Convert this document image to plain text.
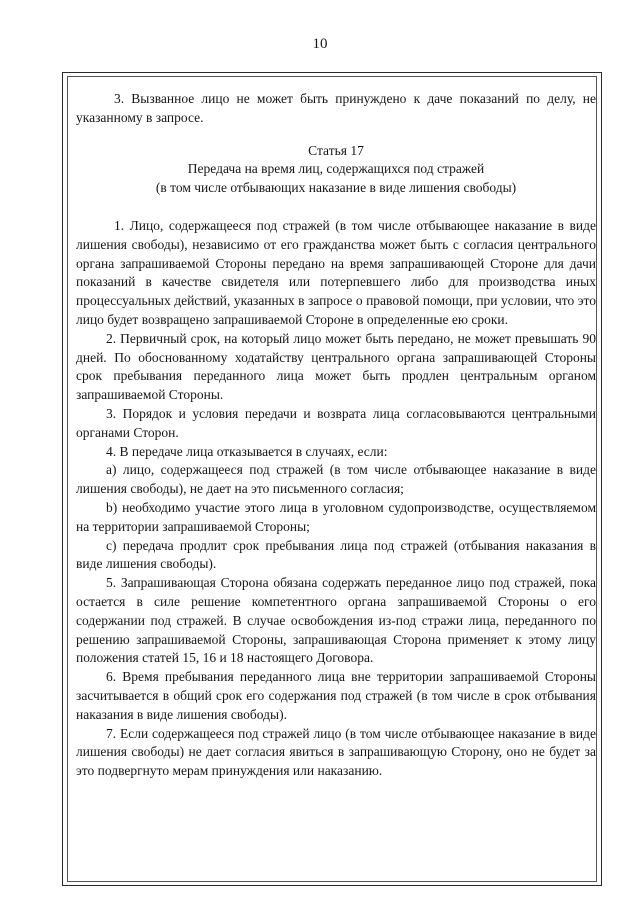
10

3. Вызванное лицо не может быть принуждено к даче показаний по делу, не указанному в запросе.

Статья 17
Передача на время лиц, содержащихся под стражей
(в том числе отбывающих наказание в виде лишения свободы)

1. Лицо, содержащееся под стражей (в том числе отбывающее наказание в виде лишения свободы), независимо от его гражданства может быть с согласия центрального органа запрашиваемой Стороны передано на время запрашивающей Стороне для дачи показаний в качестве свидетеля или потерпевшего либо для производства иных процессуальных действий, указанных в запросе о правовой помощи, при условии, что это лицо будет возвращено запрашиваемой Стороне в определенные ею сроки.

2. Первичный срок, на который лицо может быть передано, не может превышать 90 дней. По обоснованному ходатайству центрального органа запрашивающей Стороны срок пребывания переданного лица может быть продлен центральным органом запрашиваемой Стороны.

3. Порядок и условия передачи и возврата лица согласовываются центральными органами Сторон.

4. В передаче лица отказывается в случаях, если:

а) лицо, содержащееся под стражей (в том числе отбывающее наказание в виде лишения свободы), не дает на это письменного согласия;

b) необходимо участие этого лица в уголовном судопроизводстве, осуществляемом на территории запрашиваемой Стороны;

с) передача продлит срок пребывания лица под стражей (отбывания наказания в виде лишения свободы).

5. Запрашивающая Сторона обязана содержать переданное лицо под стражей, пока остается в силе решение компетентного органа запрашиваемой Стороны о его содержании под стражей. В случае освобождения из-под стражи лица, переданного по решению запрашиваемой Стороны, запрашивающая Сторона применяет к этому лицу положения статей 15, 16 и 18 настоящего Договора.

6. Время пребывания переданного лица вне территории запрашиваемой Стороны засчитывается в общий срок его содержания под стражей (в том числе в срок отбывания наказания в виде лишения свободы).

7. Если содержащееся под стражей лицо (в том числе отбывающее наказание в виде лишения свободы) не дает согласия явиться в запрашивающую Сторону, оно не будет за это подвергнуто мерам принуждения или наказанию.
